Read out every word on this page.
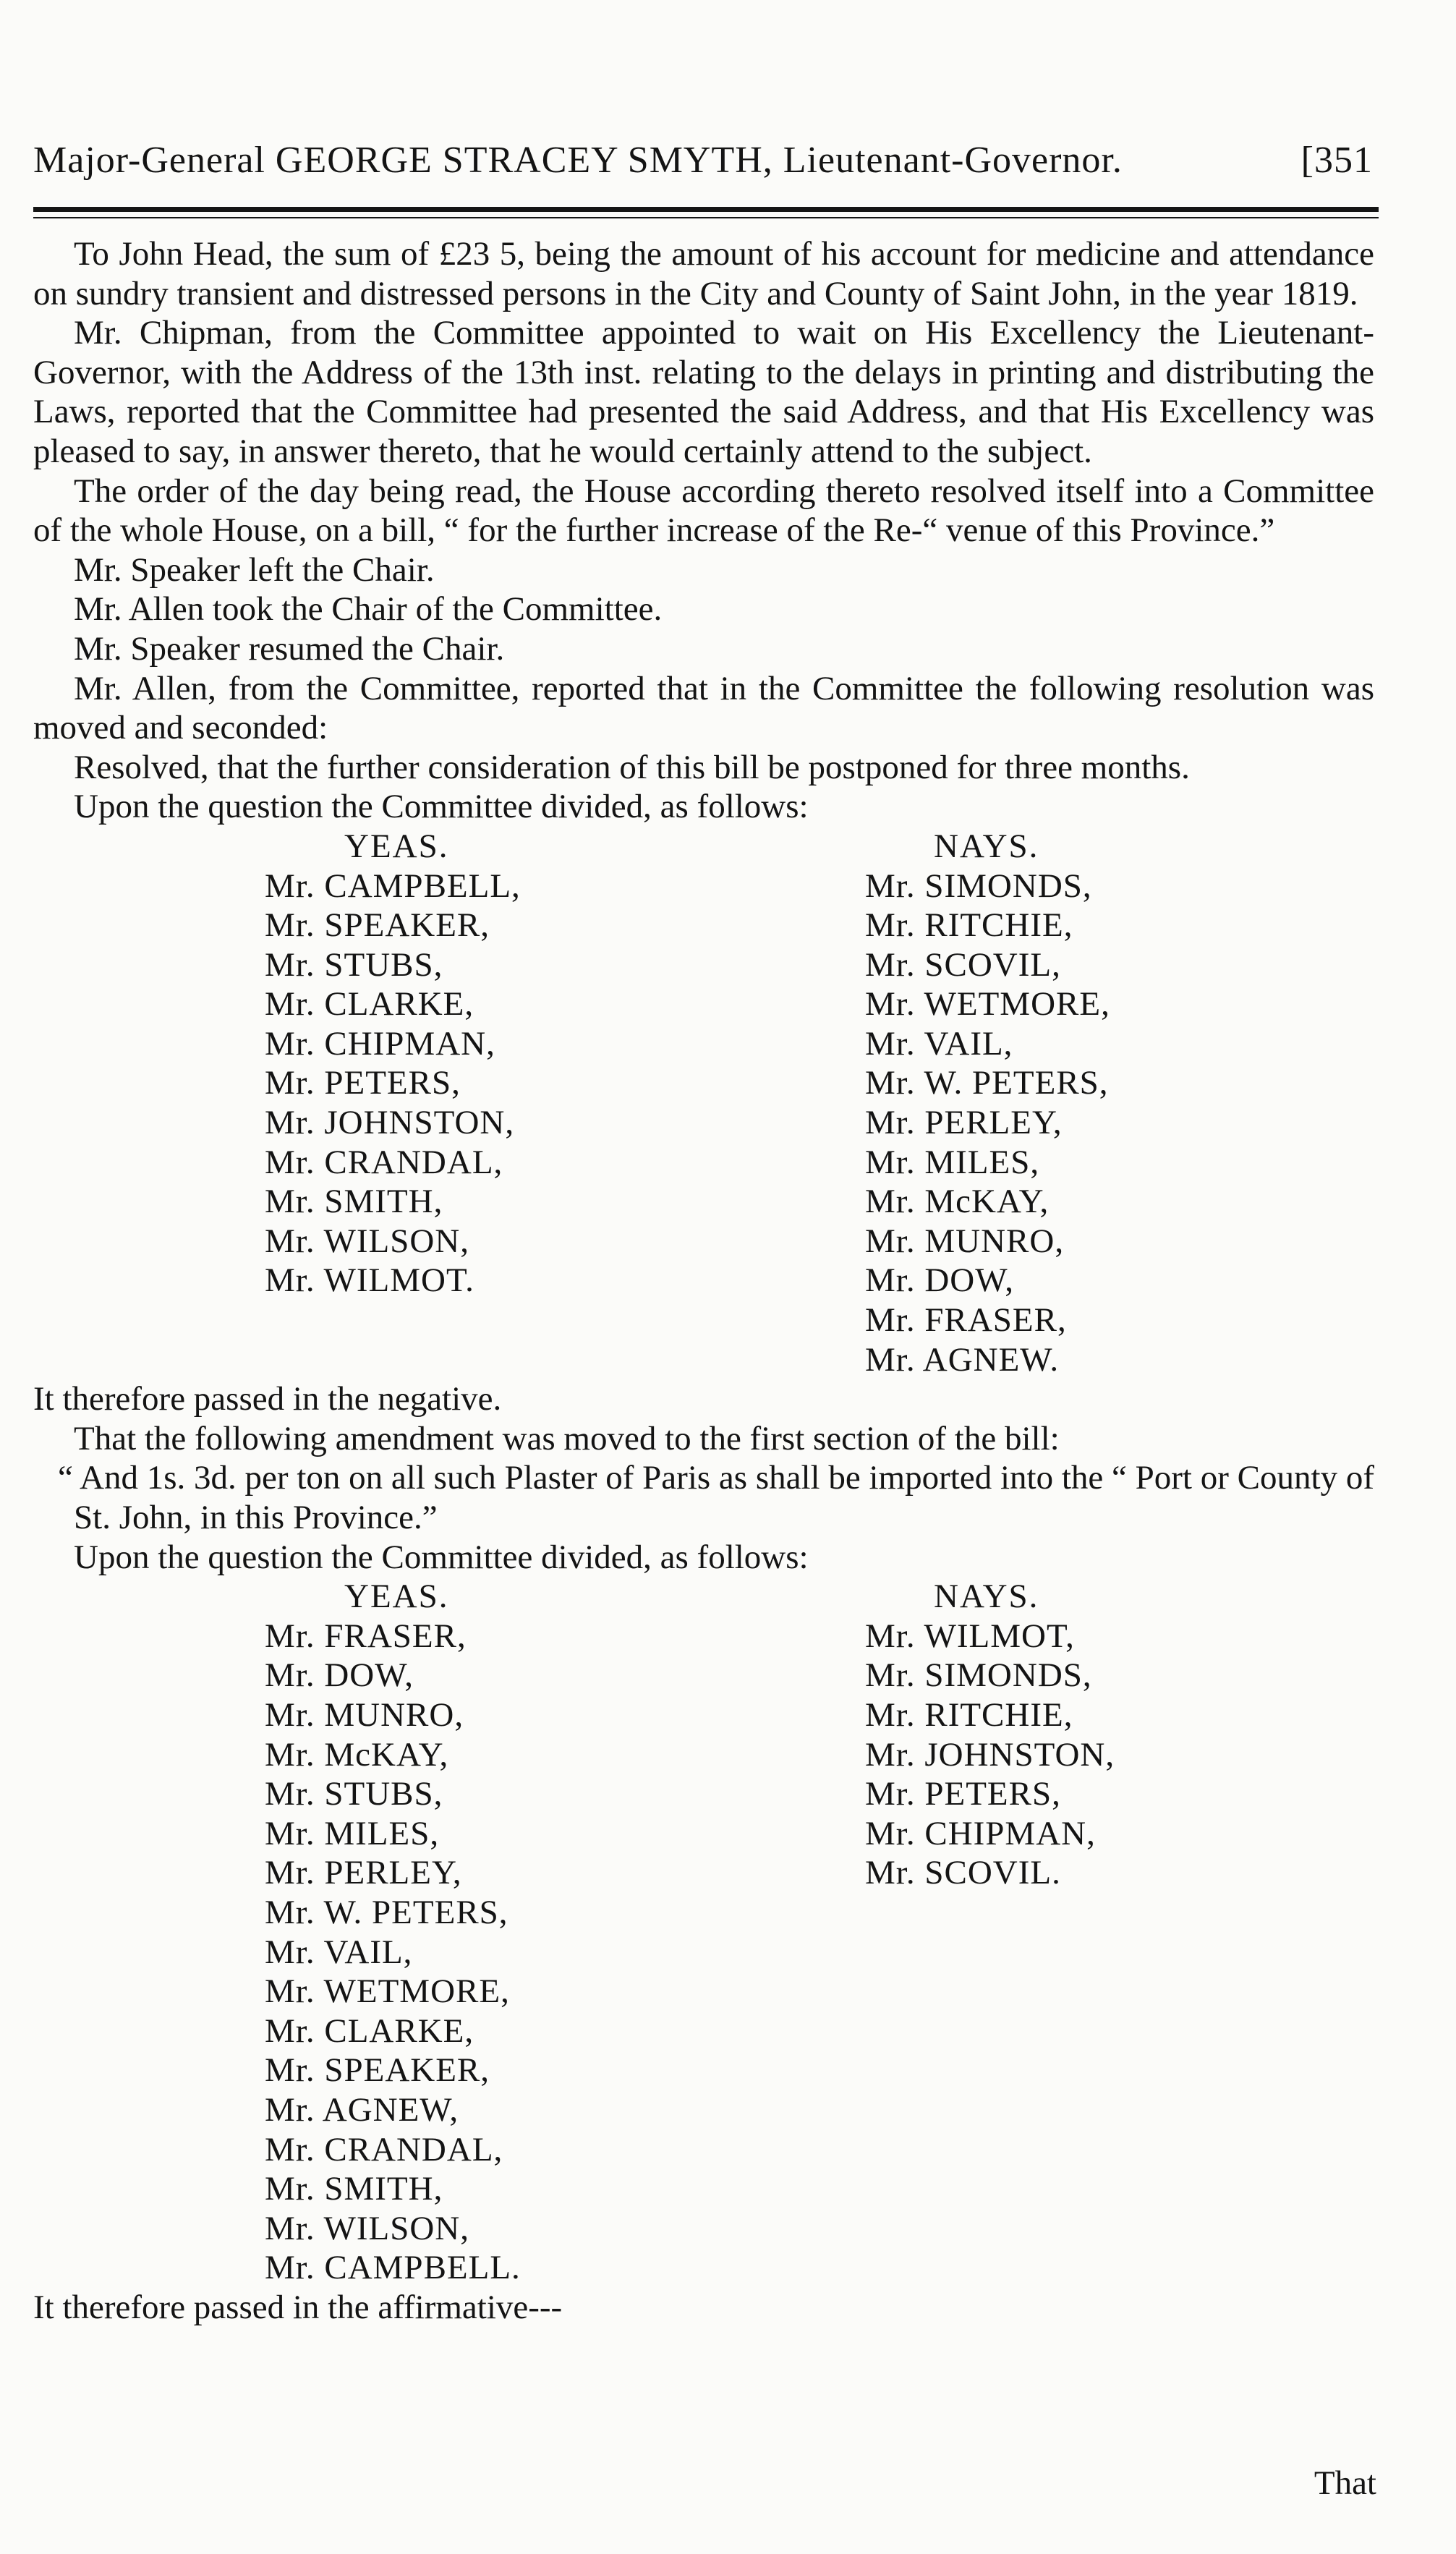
Major-General GEORGE STRACEY SMYTH, Lieutenant-Governor.	[351

To John Head, the sum of £23 5, being the amount of his account for medicine and attendance on sundry transient and distressed persons in the City and County of Saint John, in the year 1819.

Mr. Chipman, from the Committee appointed to wait on His Excellency the Lieutenant-Governor, with the Address of the 13th inst. relating to the delays in printing and distributing the Laws, reported that the Committee had presented the said Address, and that His Excellency was pleased to say, in answer thereto, that he would certainly attend to the subject.

The order of the day being read, the House according thereto resolved itself into a Committee of the whole House, on a bill, “ for the further increase of the Re-“ venue of this Province.”

Mr. Speaker left the Chair.

Mr. Allen took the Chair of the Committee.

Mr. Speaker resumed the Chair.

Mr. Allen, from the Committee, reported that in the Committee the following resolution was moved and seconded:

Resolved, that the further consideration of this bill be postponed for three months.

Upon the question the Committee divided, as follows:

YEAS.
Mr. CAMPBELL,
Mr. SPEAKER,
Mr. STUBS,
Mr. CLARKE,
Mr. CHIPMAN,
Mr. PETERS,
Mr. JOHNSTON,
Mr. CRANDAL,
Mr. SMITH,
Mr. WILSON,
Mr. WILMOT.
NAYS.
Mr. SIMONDS,
Mr. RITCHIE,
Mr. SCOVIL,
Mr. WETMORE,
Mr. VAIL,
Mr. W. PETERS,
Mr. PERLEY,
Mr. MILES,
Mr. McKAY,
Mr. MUNRO,
Mr. DOW,
Mr. FRASER,
Mr. AGNEW.

It therefore passed in the negative.

That the following amendment was moved to the first section of the bill:

“ And 1s. 3d. per ton on all such Plaster of Paris as shall be imported into the “ Port or County of St. John, in this Province.”

Upon the question the Committee divided, as follows:

YEAS.
Mr. FRASER,
Mr. DOW,
Mr. MUNRO,
Mr. McKAY,
Mr. STUBS,
Mr. MILES,
Mr. PERLEY,
Mr. W. PETERS,
Mr. VAIL,
Mr. WETMORE,
Mr. CLARKE,
Mr. SPEAKER,
Mr. AGNEW,
Mr. CRANDAL,
Mr. SMITH,
Mr. WILSON,
Mr. CAMPBELL.
NAYS.
Mr. WILMOT,
Mr. SIMONDS,
Mr. RITCHIE,
Mr. JOHNSTON,
Mr. PETERS,
Mr. CHIPMAN,
Mr. SCOVIL.

It therefore passed in the affirmative---

That
